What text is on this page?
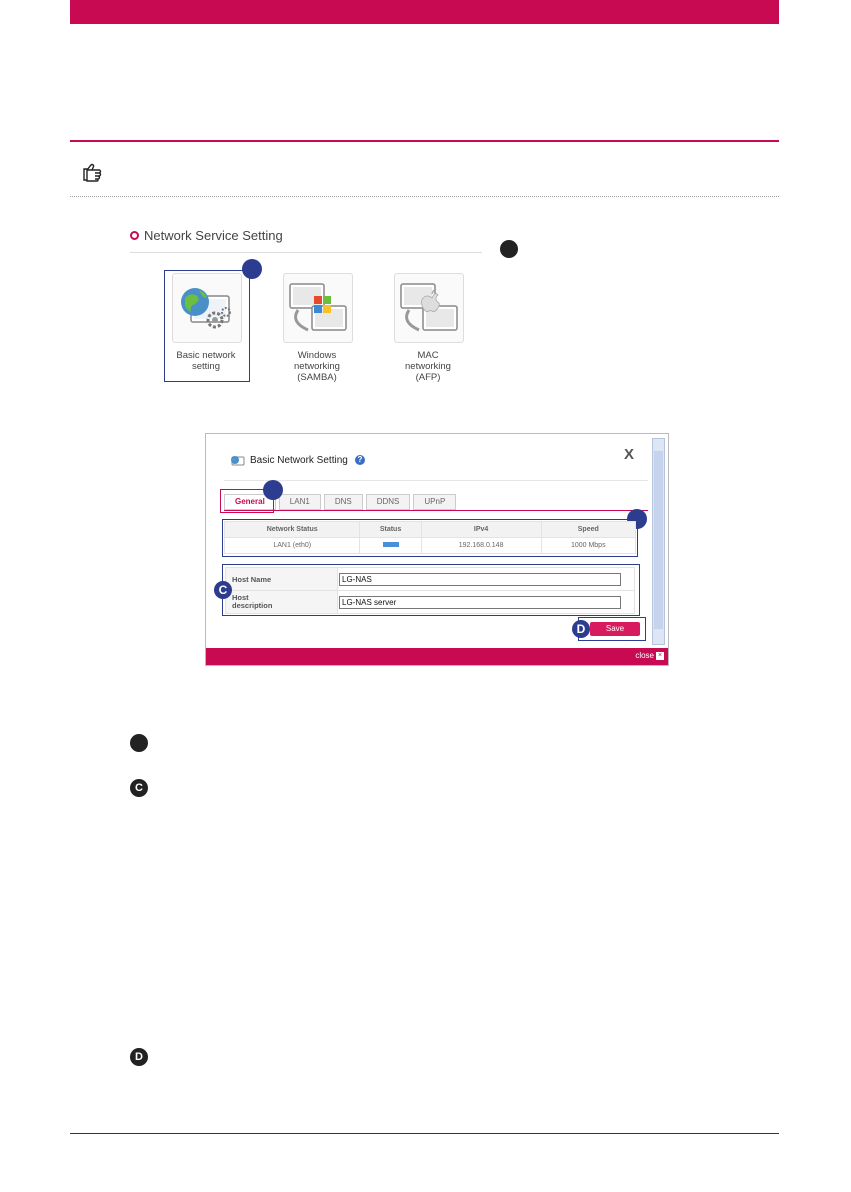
Network Service Setting
Basic network
setting
Windows
networking
(SAMBA)
MAC
networking
(AFP)
Basic Network Setting	?	X
General	LAN1	DNS	DDNS	UPnP
Network Status	Status	IPv4	Speed
LAN1 (eth0)		192.168.0.148	1000 Mbps
Host Name	LG-NAS

Host
description	LG-NAS server
C
D	Save
close ×
C
D
